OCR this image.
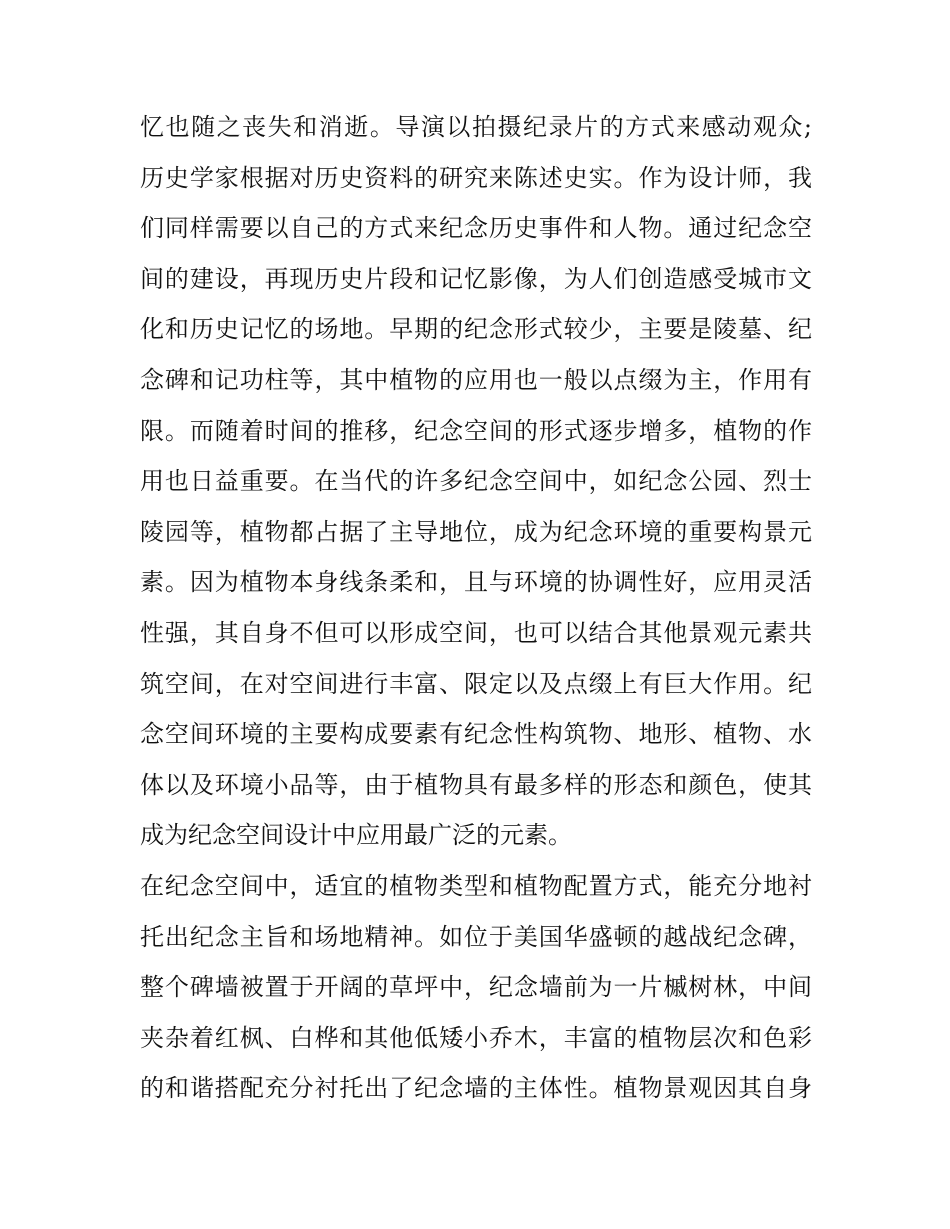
忆也随之丧失和消逝。导演以拍摄纪录片的方式来感动观众;
历史学家根据对历史资料的研究来陈述史实。作为设计师，我
们同样需要以自己的方式来纪念历史事件和人物。通过纪念空
间的建设，再现历史片段和记忆影像，为人们创造感受城市文
化和历史记忆的场地。早期的纪念形式较少，主要是陵墓、纪
念碑和记功柱等，其中植物的应用也一般以点缀为主，作用有
限。而随着时间的推移，纪念空间的形式逐步增多，植物的作
用也日益重要。在当代的许多纪念空间中，如纪念公园、烈士
陵园等，植物都占据了主导地位，成为纪念环境的重要构景元
素。因为植物本身线条柔和，且与环境的协调性好，应用灵活
性强，其自身不但可以形成空间，也可以结合其他景观元素共
筑空间，在对空间进行丰富、限定以及点缀上有巨大作用。纪
念空间环境的主要构成要素有纪念性构筑物、地形、植物、水
体以及环境小品等，由于植物具有最多样的形态和颜色，使其
成为纪念空间设计中应用最广泛的元素。
在纪念空间中，适宜的植物类型和植物配置方式，能充分地衬
托出纪念主旨和场地精神。如位于美国华盛顿的越战纪念碑，
整个碑墙被置于开阔的草坪中，纪念墙前为一片槭树林，中间
夹杂着红枫、白桦和其他低矮小乔木，丰富的植物层次和色彩
的和谐搭配充分衬托出了纪念墙的主体性。植物景观因其自身
